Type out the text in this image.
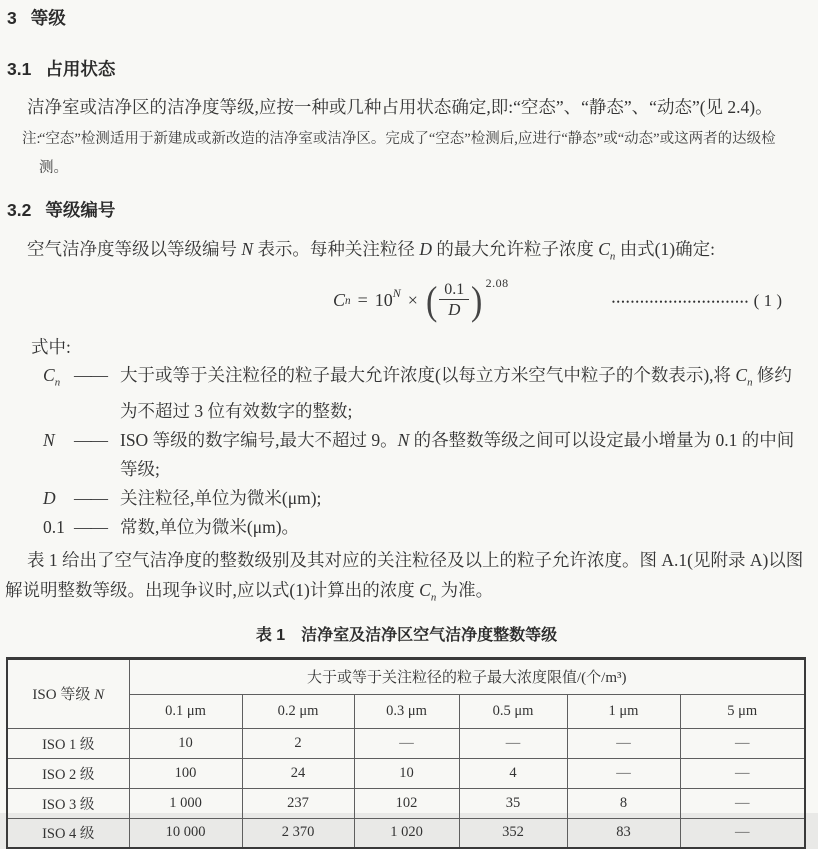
3 等级
3.1 占用状态

洁净室或洁净区的洁净度等级,应按一种或几种占用状态确定,即:“空态”、“静态”、“动态”(见 2.4)。

注:
“空态”检测适用于新建成或新改造的洁净室或洁净区。完成了“空态”检测后,应进行“静态”或“动态”或这两者的达级检测。
3.2 等级编号

空气洁净度等级以等级编号 N 表示。每种关注粒径 D 的最大允许粒子浓度 $C_n$ 由式(1)确定:

C n = 10 N × ( $\frac{0.1}{D}$ ) 2.08
••••••••••••••••••••••••••••• ( 1 )
式中:
$C_n$ —— 大于或等于关注粒径的粒子最大允许浓度(以每立方米空气中粒子的个数表示),将 $C_n$ 修约为不超过 3 位有效数字的整数;
N —— ISO 等级的数字编号,最大不超过 9。N 的各整数等级之间可以设定最小增量为 0.1 的中间等级;
D —— 关注粒径,单位为微米(μm);
0.1 —— 常数,单位为微米(μm)。

表 1 给出了空气洁净度的整数级别及其对应的关注粒径及以上的粒子允许浓度。图 A.1(见附录 A)以图解说明整数等级。出现争议时,应以式(1)计算出的浓度 $C_n$ 为准。

表 1 洁净室及洁净区空气洁净度整数等级
ISO 等级 N	大于或等于关注粒径的粒子最大浓度限值/(个/m³)					
	0.1 μm	0.2 μm	0.3 μm	0.5 μm	1 μm	5 μm
ISO 1 级	10	2	—	—	—	—
ISO 2 级	100	24	10	4	—	—
ISO 3 级	1 000	237	102	35	8	—
ISO 4 级	10 000	2 370	1 020	352	83	—
